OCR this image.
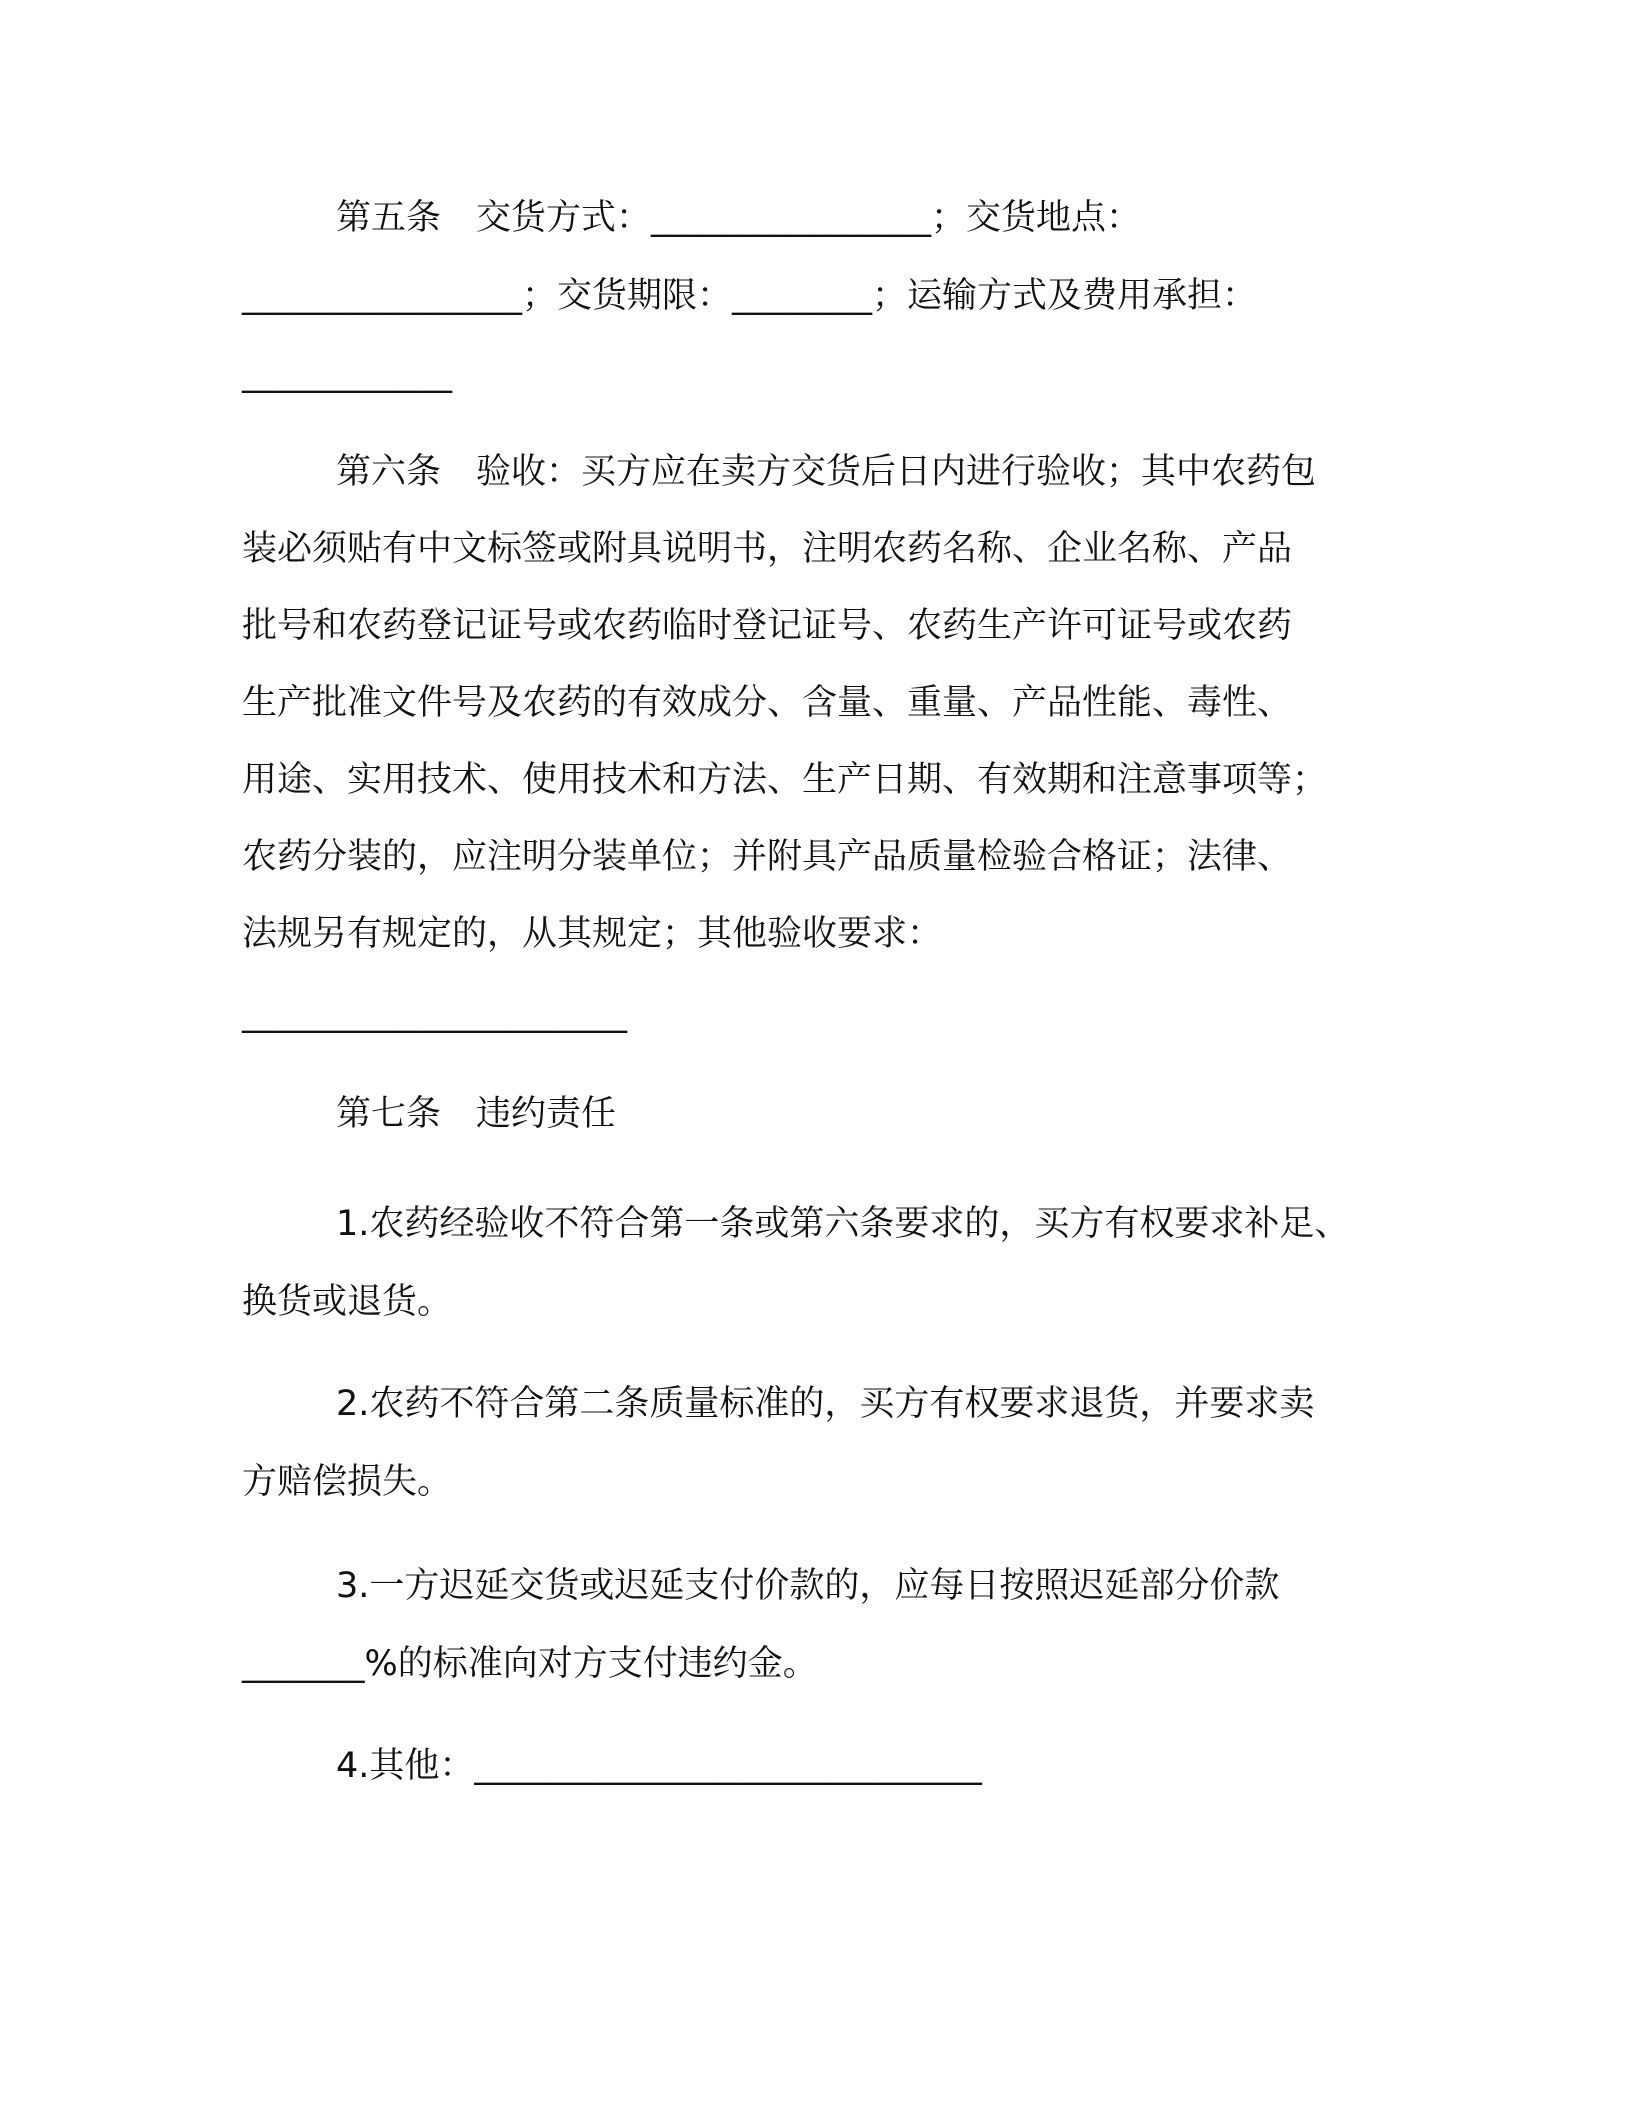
第五条　交货方式：________________；交货地点：
________________；交货期限：________；运输方式及费用承担：
____________
第六条　验收：买方应在卖方交货后日内进行验收；其中农药包
装必须贴有中文标签或附具说明书，注明农药名称、企业名称、产品
批号和农药登记证号或农药临时登记证号、农药生产许可证号或农药
生产批准文件号及农药的有效成分、含量、重量、产品性能、毒性、
用途、实用技术、使用技术和方法、生产日期、有效期和注意事项等；
农药分装的，应注明分装单位；并附具产品质量检验合格证；法律、
法规另有规定的，从其规定；其他验收要求：
______________________
第七条　违约责任
1.农药经验收不符合第一条或第六条要求的，买方有权要求补足、
换货或退货。
2.农药不符合第二条质量标准的，买方有权要求退货，并要求卖
方赔偿损失。
3.一方迟延交货或迟延支付价款的，应每日按照迟延部分价款
_______%的标准向对方支付违约金。
4.其他：_____________________________
